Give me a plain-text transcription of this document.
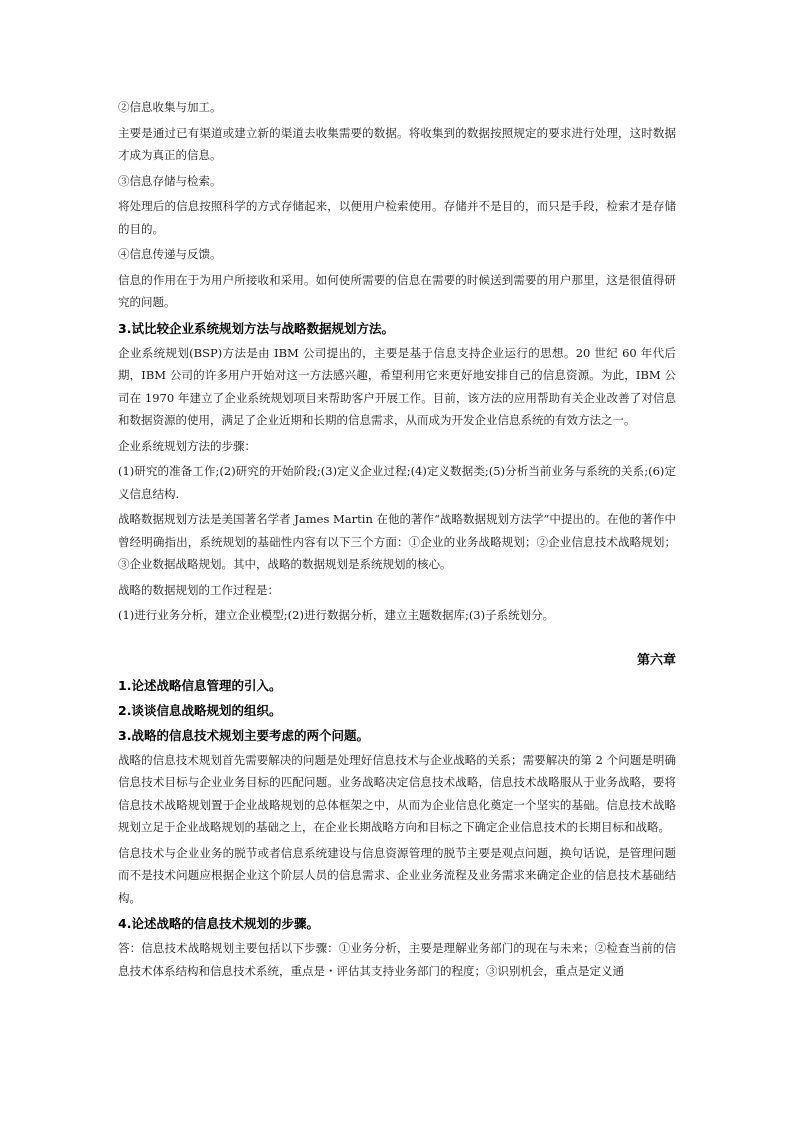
②信息收集与加工。

主要是通过已有渠道或建立新的渠道去收集需要的数据。将收集到的数据按照规定的要求进行处理，这时数据才成为真正的信息。

③信息存储与检索。

将处理后的信息按照科学的方式存储起来，以便用户检索使用。存储并不是目的，而只是手段，检索才是存储的目的。

④信息传递与反馈。

信息的作用在于为用户所接收和采用。如何使所需要的信息在需要的时候送到需要的用户那里，这是很值得研究的问题。

3.试比较企业系统规划方法与战略数据规划方法。

企业系统规划(BSP)方法是由 IBM 公司提出的，主要是基于信息支持企业运行的思想。20 世纪 60 年代后期，IBM 公司的许多用户开始对这一方法感兴趣，希望利用它来更好地安排自己的信息资源。为此，IBM 公司在 1970 年建立了企业系统规划项目来帮助客户开展工作。目前，该方法的应用帮助有关企业改善了对信息和数据资源的使用，满足了企业近期和长期的信息需求，从而成为开发企业信息系统的有效方法之一。

企业系统规划方法的步骤：

(1)研究的准备工作;(2)研究的开始阶段;(3)定义企业过程;(4)定义数据类;(5)分析当前业务与系统的关系;(6)定义信息结构.

战略数据规划方法是美国著名学者 James Martin 在他的著作“战略数据规划方法学”中提出的。在他的著作中曾经明确指出，系统规划的基础性内容有以下三个方面：①企业的业务战略规划；②企业信息技术战略规划；③企业数据战略规划。其中，战略的数据规划是系统规划的核心。

战略的数据规划的工作过程是：

(1)进行业务分析，建立企业模型;(2)进行数据分析，建立主题数据库;(3)子系统划分。

第六章

1.论述战略信息管理的引入。

2.谈谈信息战略规划的组织。

3.战略的信息技术规划主要考虑的两个问题。

战略的信息技术规划首先需要解决的问题是处理好信息技术与企业战略的关系；需要解决的第 2 个问题是明确信息技术目标与企业业务目标的匹配问题。业务战略决定信息技术战略，信息技术战略服从于业务战略，要将信息技术战略规划置于企业战略规划的总体框架之中，从而为企业信息化奠定一个坚实的基础。信息技术战略规划立足于企业战略规划的基础之上，在企业长期战略方向和目标之下确定企业信息技术的长期目标和战略。

信息技术与企业业务的脱节或者信息系统建设与信息资源管理的脱节主要是观点问题，换句话说，是管理问题而不是技术问题应根据企业这个阶层人员的信息需求、企业业务流程及业务需求来确定企业的信息技术基础结构。

4.论述战略的信息技术规划的步骤。

答：信息技术战略规划主要包括以下步骤：①业务分析，主要是理解业务部门的现在与未来；②检查当前的信息技术体系结构和信息技术系统，重点是・评估其支持业务部门的程度；③识别机会，重点是定义通
